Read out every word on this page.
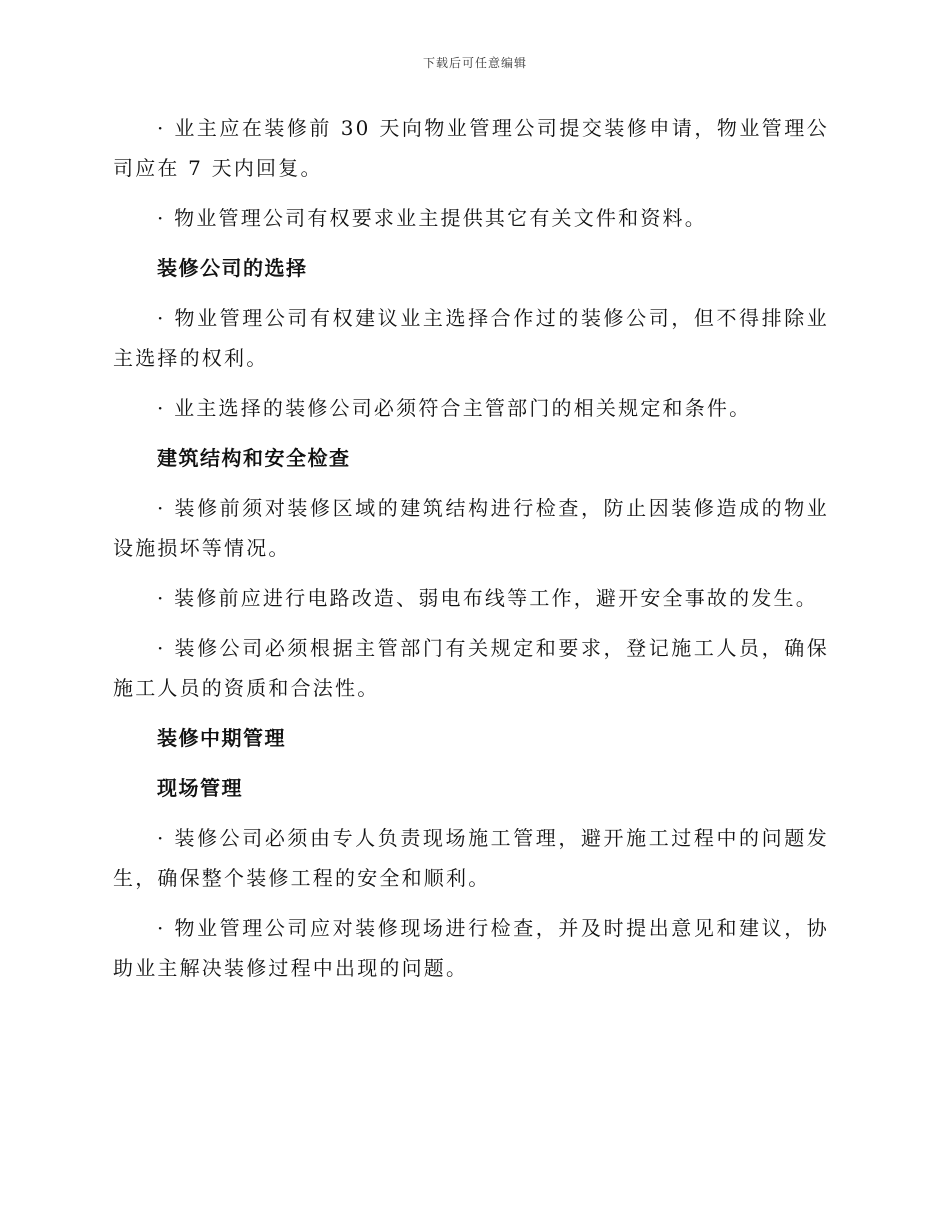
下载后可任意编辑

· 业主应在装修前 30 天向物业管理公司提交装修申请，物业管理公司应在 7 天内回复。

· 物业管理公司有权要求业主提供其它有关文件和资料。

装修公司的选择

· 物业管理公司有权建议业主选择合作过的装修公司，但不得排除业主选择的权利。

· 业主选择的装修公司必须符合主管部门的相关规定和条件。

建筑结构和安全检查

· 装修前须对装修区域的建筑结构进行检查，防止因装修造成的物业设施损坏等情况。

· 装修前应进行电路改造、弱电布线等工作，避开安全事故的发生。

· 装修公司必须根据主管部门有关规定和要求，登记施工人员，确保施工人员的资质和合法性。

装修中期管理
现场管理

· 装修公司必须由专人负责现场施工管理，避开施工过程中的问题发生，确保整个装修工程的安全和顺利。

· 物业管理公司应对装修现场进行检查，并及时提出意见和建议，协助业主解决装修过程中出现的问题。
